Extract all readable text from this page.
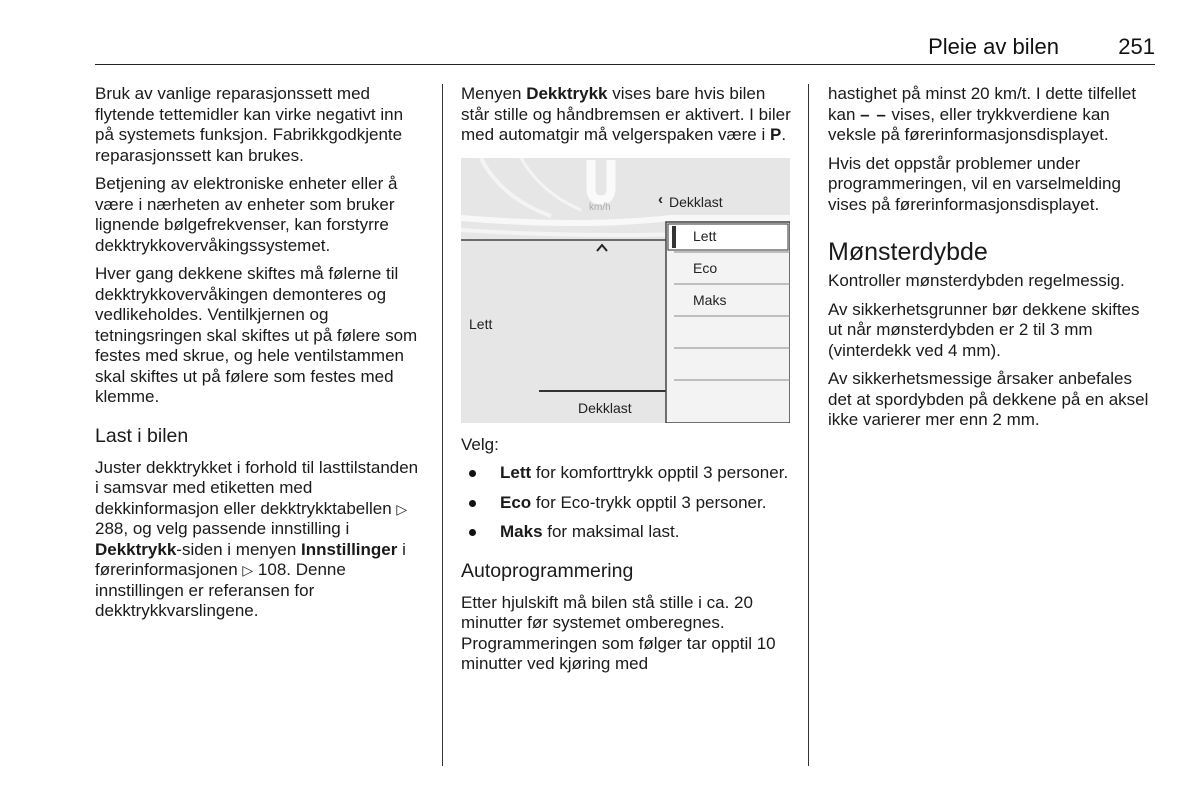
Pleie av bilen	251

Bruk av vanlige reparasjonssett med flytende tettemidler kan virke negativt inn på systemets funksjon. Fabrikkgodkjente reparasjonssett kan brukes.

Betjening av elektroniske enheter eller å være i nærheten av enheter som bruker lignende bølgefrekvenser, kan forstyrre dekktrykkovervåkingssystemet.

Hver gang dekkene skiftes må følerne til dekktrykkovervåkingen demonteres og vedlikeholdes. Ventilkjernen og tetningsringen skal skiftes ut på følere som festes med skrue, og hele ventilstammen skal skiftes ut på følere som festes med klemme.

Last i bilen

Juster dekktrykket i forhold til lasttilstanden i samsvar med etiketten med dekkinformasjon eller dekktrykktabellen ▷ 288, og velg passende innstilling i Dekktrykk-siden i menyen Innstillinger i førerinformasjonen ▷ 108. Denne innstillingen er referansen for dekktrykkvarslingene.

Menyen Dekktrykk vises bare hvis bilen står stille og håndbremsen er aktivert. I biler med automatgir må velgerspaken være i P.

km/h	‹ Dekklast
Lett
Eco
Maks
Lett
Dekklast

Velg:

Lett for komforttrykk opptil 3 personer.
Eco for Eco-trykk opptil 3 personer.
Maks for maksimal last.
Autoprogrammering

Etter hjulskift må bilen stå stille i ca. 20 minutter før systemet omberegnes. Programmeringen som følger tar opptil 10 minutter ved kjøring med

hastighet på minst 20 km/t. I dette tilfellet kan – – vises, eller trykkverdiene kan veksle på førerinformasjonsdisplayet.

Hvis det oppstår problemer under programmeringen, vil en varselmelding vises på førerinformasjonsdisplayet.

Mønsterdybde

Kontroller mønsterdybden regelmessig.

Av sikkerhetsgrunner bør dekkene skiftes ut når mønsterdybden er 2 til 3 mm (vinterdekk ved 4 mm).

Av sikkerhetsmessige årsaker anbefales det at spordybden på dekkene på en aksel ikke varierer mer enn 2 mm.
